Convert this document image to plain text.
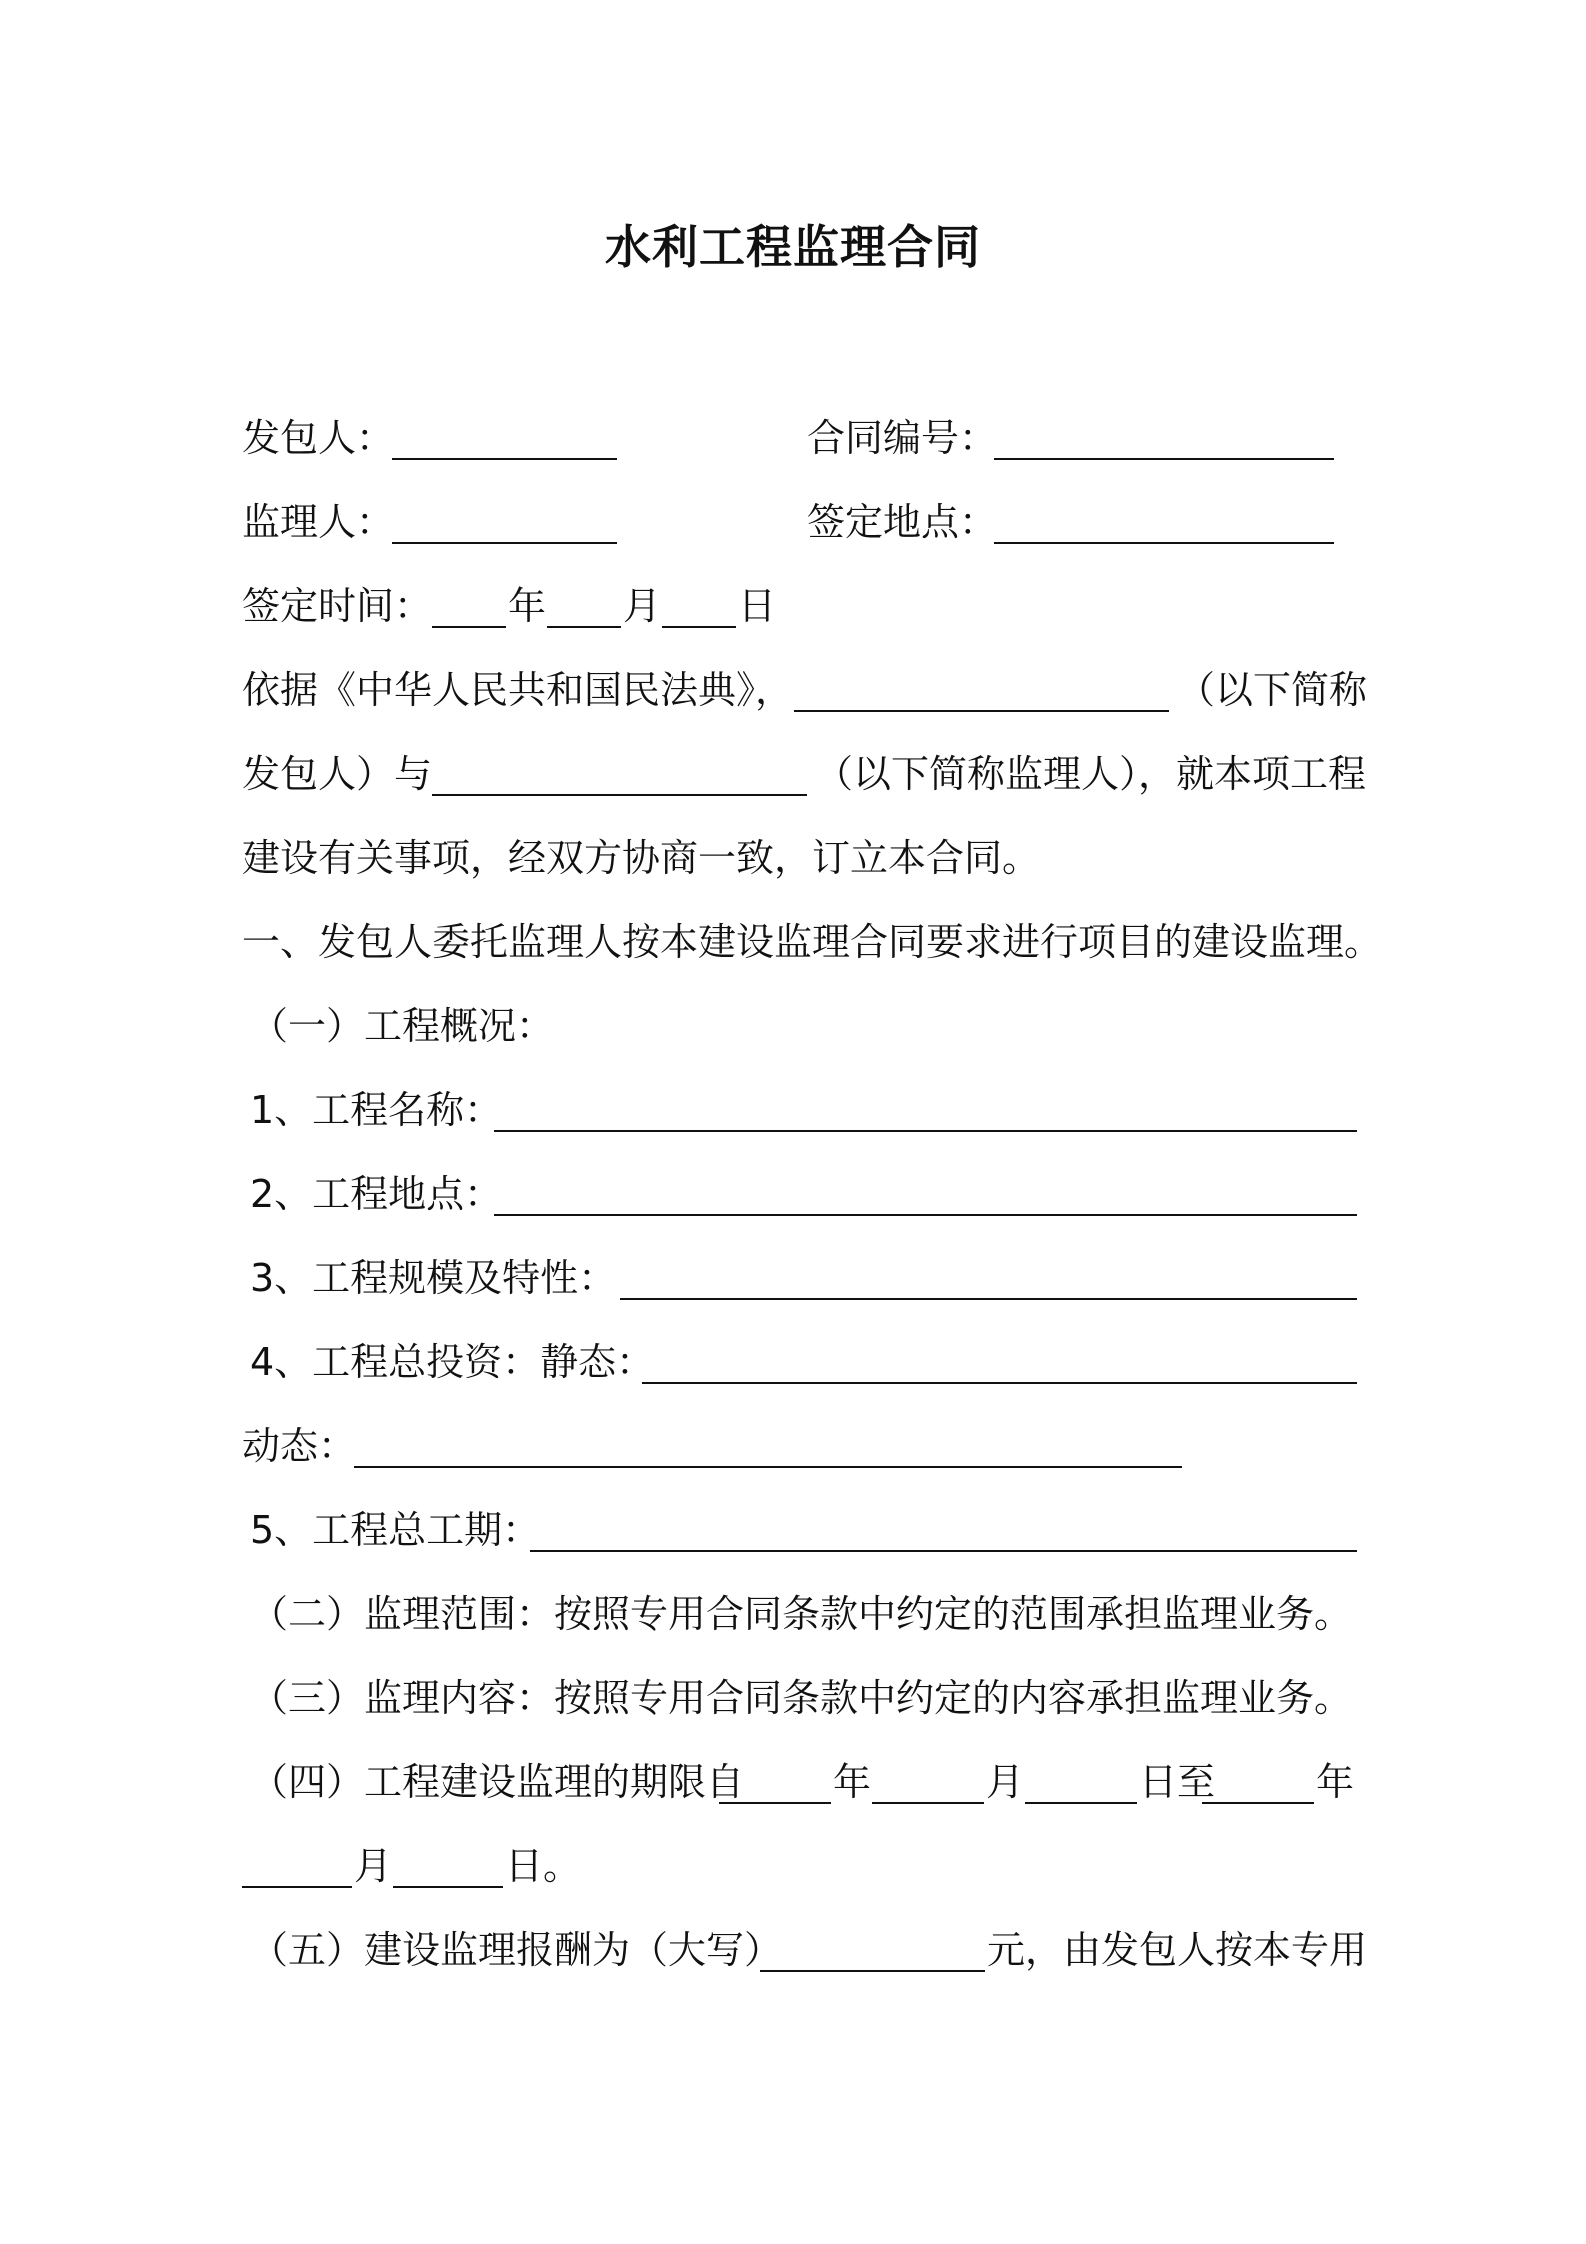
水利工程监理合同
发包人：	合同编号：
监理人：	签定地点：
签定时间： 年 月 日
依据《中华人民共和国民法典》，	（以下简称
发包人）与	（以下简称监理人），就本项工程
建设有关事项，经双方协商一致，订立本合同。
一、发包人委托监理人按本建设监理合同要求进行项目的建设监理。
（一）工程概况：
1、工程名称：
2、工程地点：
3、工程规模及特性：
4、工程总投资：静态：
动态：
5、工程总工期：
（二）监理范围：按照专用合同条款中约定的范围承担监理业务。
（三）监理内容：按照专用合同条款中约定的内容承担监理业务。
（四）工程建设监理的期限自 年	月	日至	年
月	日。
（五）建设监理报酬为（大写）	元，由发包人按本专用
